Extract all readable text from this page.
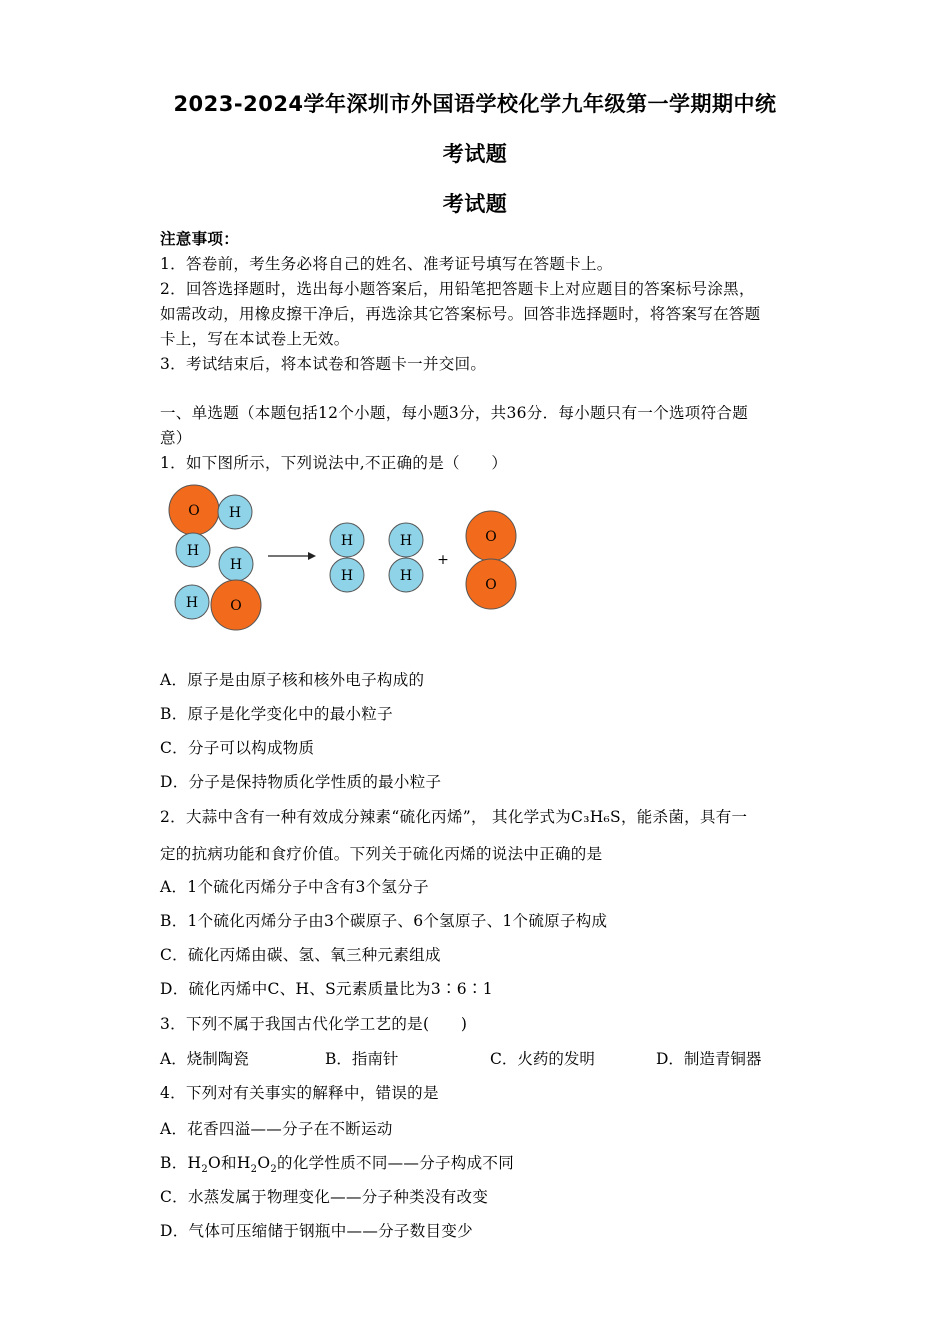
2023-2024学年深圳市外国语学校化学九年级第一学期期中统
考试题
考试题
注意事项：
1．答卷前，考生务必将自己的姓名、准考证号填写在答题卡上。
2．回答选择题时，选出每小题答案后，用铅笔把答题卡上对应题目的答案标号涂黑，
如需改动，用橡皮擦干净后，再选涂其它答案标号。回答非选择题时，将答案写在答题
卡上，写在本试卷上无效。
3．考试结束后，将本试卷和答题卡一并交回。
一、单选题（本题包括12个小题，每小题3分，共36分．每小题只有一个选项符合题
意）
1．如下图所示，下列说法中,不正确的是（　　）
O H
H
H
H O
H
H
H
H
+
O
O
A．原子是由原子核和核外电子构成的
B．原子是化学变化中的最小粒子
C．分子可以构成物质
D．分子是保持物质化学性质的最小粒子
2．大蒜中含有一种有效成分辣素“硫化丙烯”， 其化学式为C₃H₆S，能杀菌，具有一
定的抗病功能和食疗价值。下列关于硫化丙烯的说法中正确的是
A．1个硫化丙烯分子中含有3个氢分子
B．1个硫化丙烯分子由3个碳原子、6个氢原子、1个硫原子构成
C．硫化丙烯由碳、氢、氧三种元素组成
D．硫化丙烯中C、H、S元素质量比为3∶6∶1
3．下列不属于我国古代化学工艺的是(　　)
A．烧制陶瓷	B．指南针	C．火药的发明	D．制造青铜器
4．下列对有关事实的解释中，错误的是
A．花香四溢——分子在不断运动
B．$H_2O$和$H_2O_2$的化学性质不同——分子构成不同
C．水蒸发属于物理变化——分子种类没有改变
D．气体可压缩储于钢瓶中——分子数目变少
